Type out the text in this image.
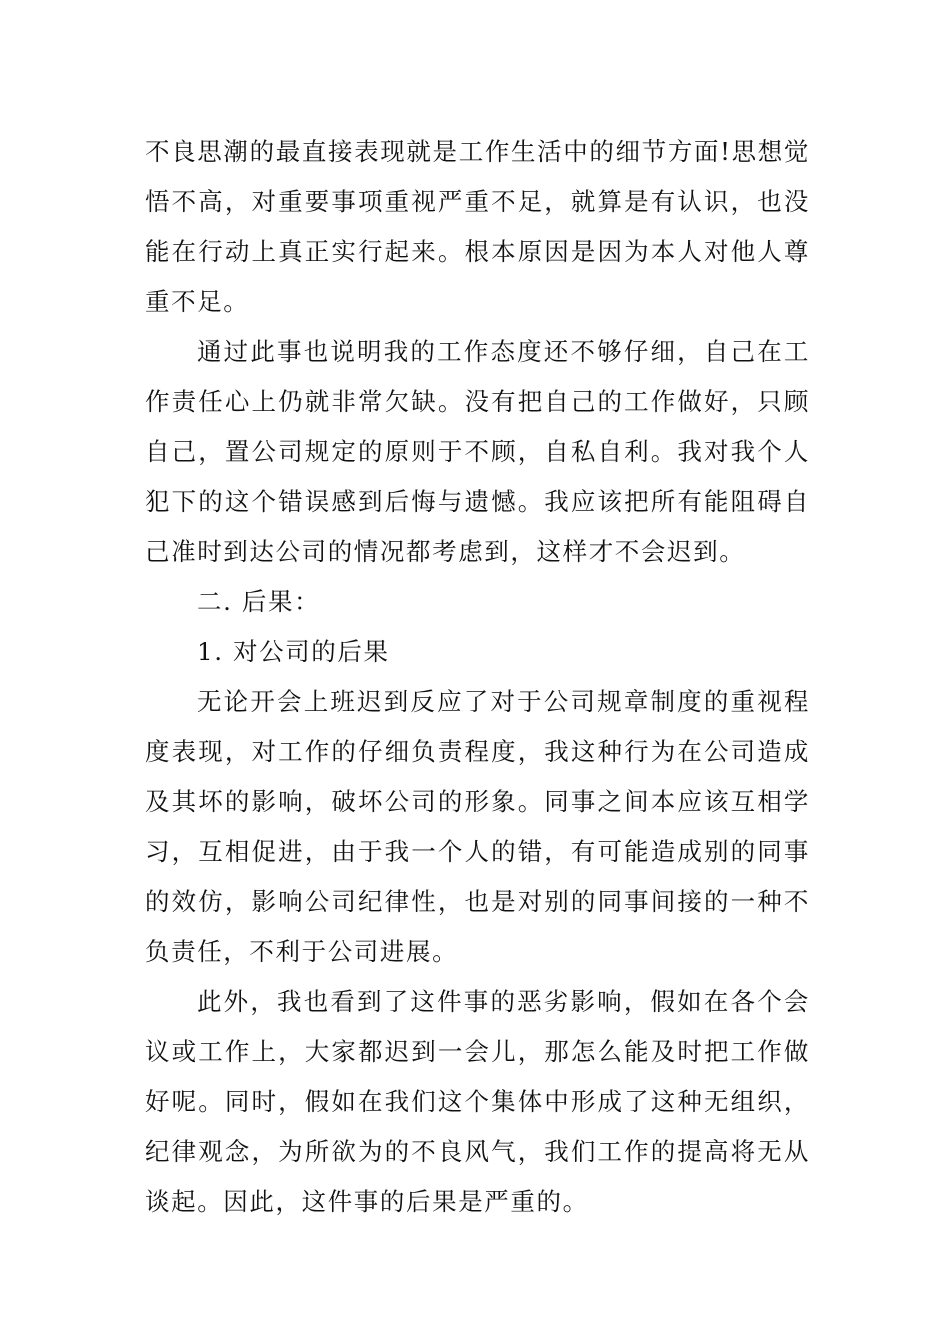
不良思潮的最直接表现就是工作生活中的细节方面!思想觉悟不高，对重要事项重视严重不足，就算是有认识，也没能在行动上真正实行起来。根本原因是因为本人对他人尊重不足。

通过此事也说明我的工作态度还不够仔细，自己在工作责任心上仍就非常欠缺。没有把自己的工作做好，只顾自己，置公司规定的原则于不顾，自私自利。我对我个人犯下的这个错误感到后悔与遗憾。我应该把所有能阻碍自己准时到达公司的情况都考虑到，这样才不会迟到。

二. 后果：

1. 对公司的后果

无论开会上班迟到反应了对于公司规章制度的重视程度表现，对工作的仔细负责程度，我这种行为在公司造成及其坏的影响，破坏公司的形象。同事之间本应该互相学习，互相促进，由于我一个人的错，有可能造成别的同事的效仿，影响公司纪律性，也是对别的同事间接的一种不负责任，不利于公司进展。

此外，我也看到了这件事的恶劣影响，假如在各个会议或工作上，大家都迟到一会儿，那怎么能及时把工作做好呢。同时，假如在我们这个集体中形成了这种无组织，纪律观念，为所欲为的不良风气，我们工作的提高将无从谈起。因此，这件事的后果是严重的。
